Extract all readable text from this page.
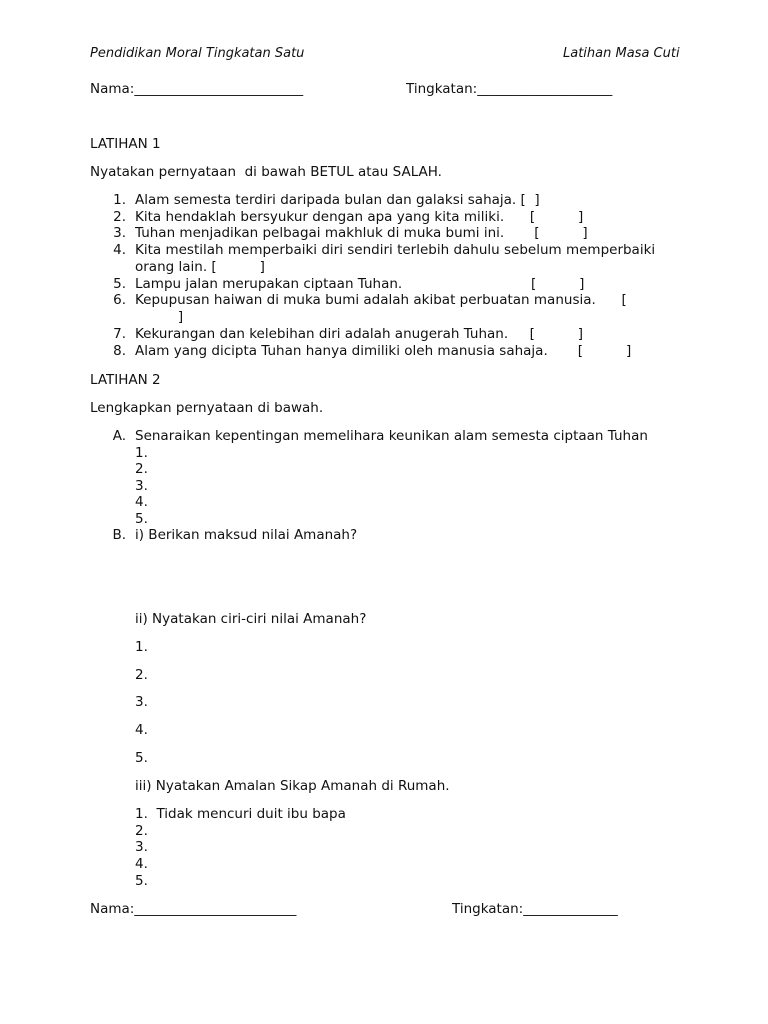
Pendidikan Moral Tingkatan Satu	Latihan Masa Cuti
Nama:_________________________	Tingkatan:____________________
LATIHAN 1
Nyatakan pernyataan  di bawah BETUL atau SALAH.
1. Alam semesta terdiri daripada bulan dan galaksi sahaja. [  ]
2. Kita hendaklah bersyukur dengan apa yang kita miliki.      [          ]
3. Tuhan menjadikan pelbagai makhluk di muka bumi ini.       [          ]
4. Kita mestilah memperbaiki diri sendiri terlebih dahulu sebelum memperbaiki
orang lain. [          ]
5. Lampu jalan merupakan ciptaan Tuhan.                              [          ]
6. Kepupusan haiwan di muka bumi adalah akibat perbuatan manusia.      [
]
7. Kekurangan dan kelebihan diri adalah anugerah Tuhan.     [          ]
8. Alam yang dicipta Tuhan hanya dimiliki oleh manusia sahaja.       [          ]
LATIHAN 2
Lengkapkan pernyataan di bawah.
A. Senaraikan kepentingan memelihara keunikan alam semesta ciptaan Tuhan
1.
2.
3.
4.
5.
B. i) Berikan maksud nilai Amanah?
ii) Nyatakan ciri-ciri nilai Amanah?
1.
2.
3.
4.
5.
iii) Nyatakan Amalan Sikap Amanah di Rumah.
1.  Tidak mencuri duit ibu bapa
2.
3.
4.
5.
Nama:________________________	Tingkatan:______________
